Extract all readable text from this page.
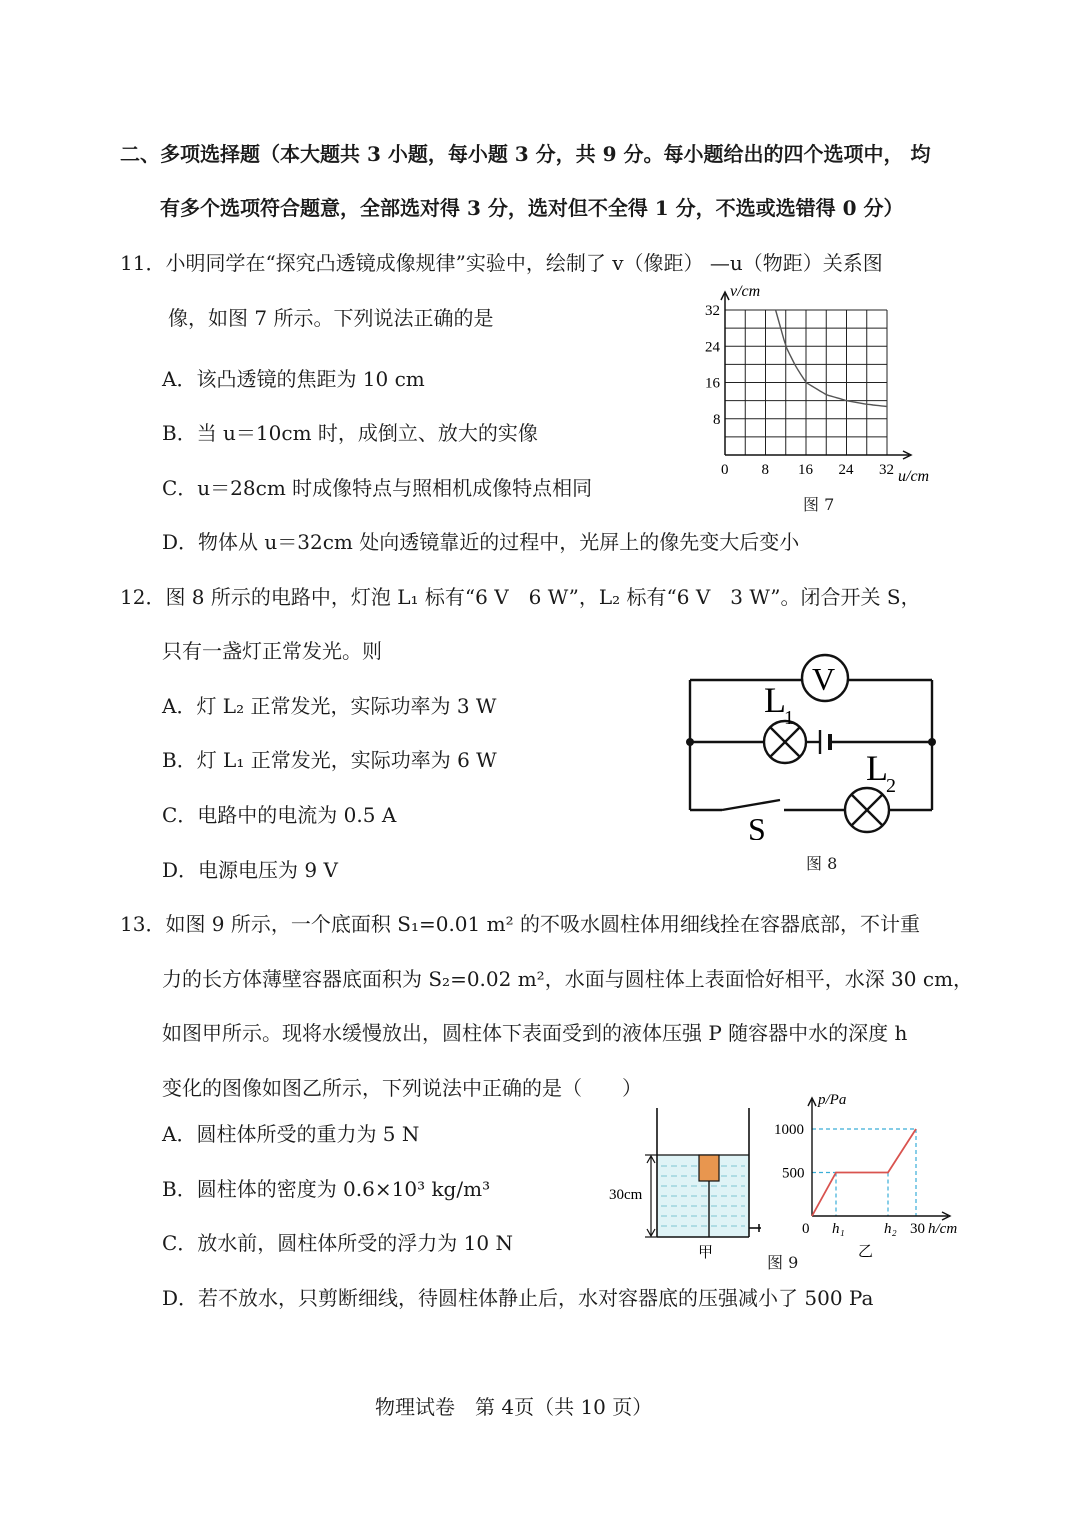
二、多项选择题（本大题共 3 小题，每小题 3 分，共 9 分。每小题给出的四个选项中， 均
有多个选项符合题意，全部选对得 3 分，选对但不全得 1 分，不选或选错得 0 分）
11．小明同学在“探究凸透镜成像规律”实验中，绘制了 v（像距） —u（物距）关系图
像，如图 7 所示。下列说法正确的是
A．该凸透镜的焦距为 10 cm
B．当 u＝10cm 时，成倒立、放大的实像
C．u＝28cm 时成像特点与照相机成像特点相同
D．物体从 u＝32cm 处向透镜靠近的过程中，光屏上的像先变大后变小
v/cm
u/cm
0 8 16 24 32
8
16
24
32
图 7
12．图 8 所示的电路中，灯泡 L₁ 标有“6 V　6 W”，L₂ 标有“6 V　3 W”。闭合开关 S，
只有一盏灯正常发光。则
A．灯 L₂ 正常发光，实际功率为 3 W
B．灯 L₁ 正常发光，实际功率为 6 W
C．电路中的电流为 0.5 A
D．电源电压为 9 V
V
L
1
L
2
S
图 8
13．如图 9 所示，一个底面积 S₁=0.01 m² 的不吸水圆柱体用细线拴在容器底部，不计重
力的长方体薄壁容器底面积为 S₂=0.02 m²，水面与圆柱体上表面恰好相平，水深 30 cm，
如图甲所示。现将水缓慢放出，圆柱体下表面受到的液体压强 P 随容器中水的深度 h
变化的图像如图乙所示，下列说法中正确的是（　　）
A．圆柱体所受的重力为 5 N
B．圆柱体的密度为 0.6×10³ kg/m³
C．放水前，圆柱体所受的浮力为 10 N
D．若不放水，只剪断细线，待圆柱体静止后，水对容器底的压强减小了 500 Pa
30cm
甲
500
1000
0 h₁	h₂ 30
p/Pa
h/cm
乙
图 9
物理试卷　第 4页（共 10 页）
